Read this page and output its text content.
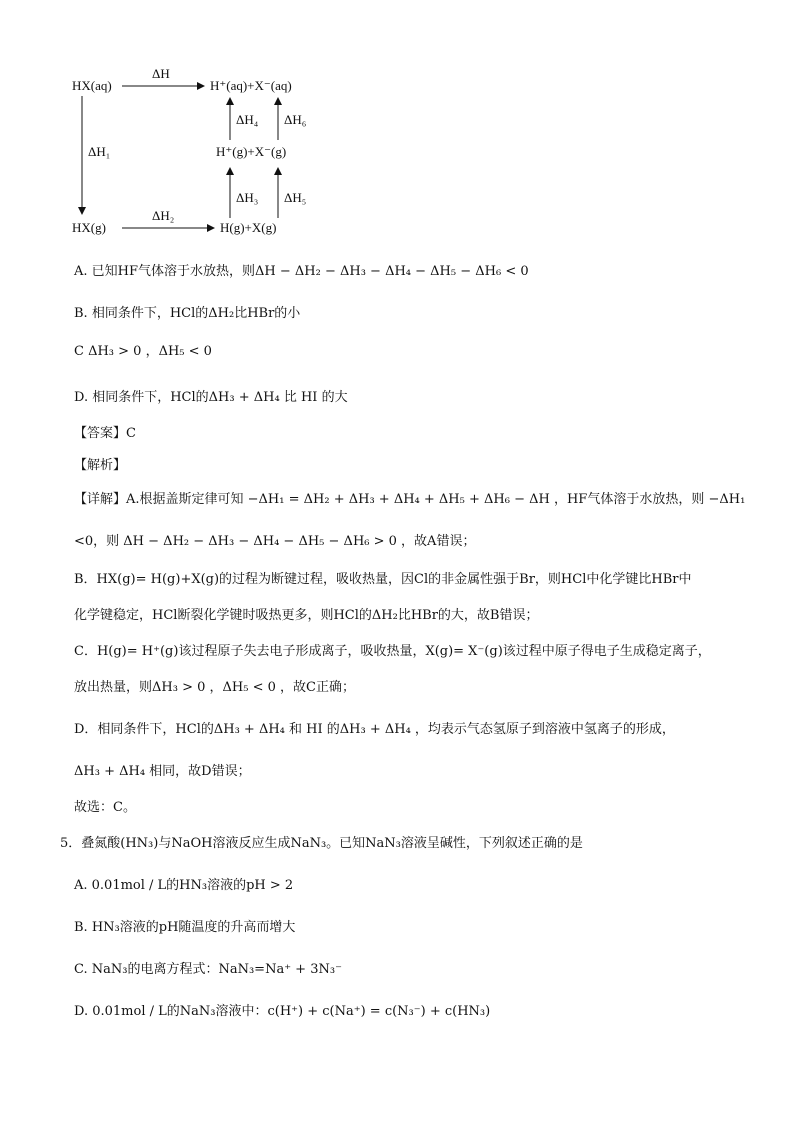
HX(aq)
ΔH
H⁺(aq)+X⁻(aq)
ΔH₁
ΔH₄ ΔH₆
H⁺(g)+X⁻(g)
ΔH₃ ΔH₅
HX(g)
ΔH₂
H(g)+X(g)
A. 已知HF气体溶于水放热，则ΔH − ΔH₂ − ΔH₃ − ΔH₄ − ΔH₅ − ΔH₆ < 0
B. 相同条件下，HCl的ΔH₂比HBr的小
C ΔH₃ > 0 ，ΔH₅ < 0
D. 相同条件下，HCl的ΔH₃ + ΔH₄ 比 HI 的大
【答案】C
【解析】
【详解】A.根据盖斯定律可知 −ΔH₁ = ΔH₂ + ΔH₃ + ΔH₄ + ΔH₅ + ΔH₆ − ΔH ，HF气体溶于水放热，则 −ΔH₁
<0，则 ΔH − ΔH₂ − ΔH₃ − ΔH₄ − ΔH₅ − ΔH₆ > 0 ，故A错误；
B．HX(g)= H(g)+X(g)的过程为断键过程，吸收热量，因Cl的非金属性强于Br，则HCl中化学键比HBr中
化学键稳定，HCl断裂化学键时吸热更多，则HCl的ΔH₂比HBr的大，故B错误；
C．H(g)= H⁺(g)该过程原子失去电子形成离子，吸收热量，X(g)= X⁻(g)该过程中原子得电子生成稳定离子，
放出热量，则ΔH₃ > 0 ，ΔH₅ < 0 ，故C正确；
D．相同条件下，HCl的ΔH₃ + ΔH₄ 和 HI 的ΔH₃ + ΔH₄ ，均表示气态氢原子到溶液中氢离子的形成，
ΔH₃ + ΔH₄ 相同，故D错误；
故选：C。
5．叠氮酸(HN₃)与NaOH溶液反应生成NaN₃。已知NaN₃溶液呈碱性，下列叙述正确的是
A. 0.01mol / L的HN₃溶液的pH > 2
B. HN₃溶液的pH随温度的升高而增大
C. NaN₃的电离方程式：NaN₃=Na⁺ + 3N₃⁻
D. 0.01mol / L的NaN₃溶液中：c(H⁺) + c(Na⁺) = c(N₃⁻) + c(HN₃)
